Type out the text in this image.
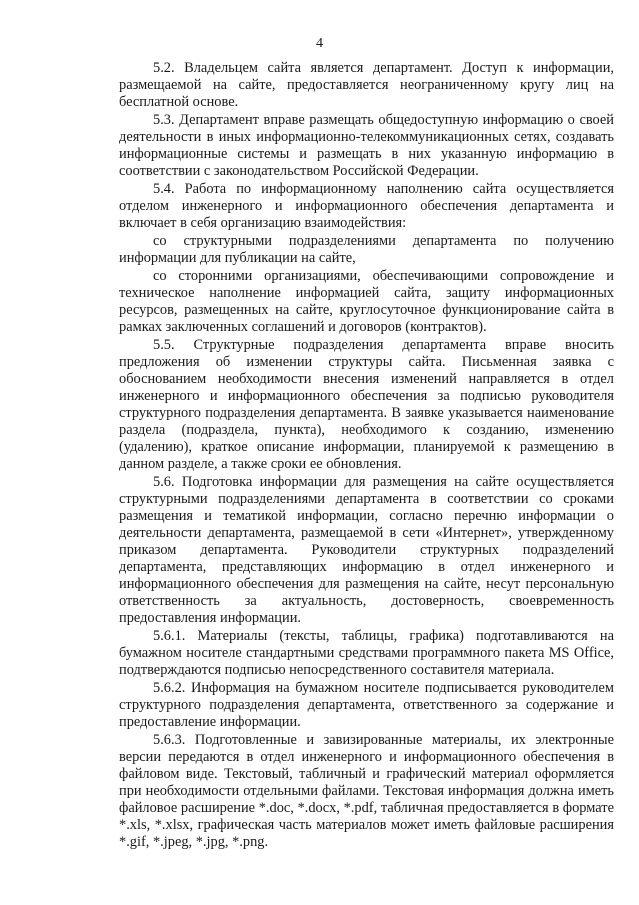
4

5.2. Владельцем сайта является департамент. Доступ к информации, размещаемой на сайте, предоставляется неограниченному кругу лиц на бесплатной основе.

5.3. Департамент вправе размещать общедоступную информацию о своей деятельности в иных информационно-телекоммуникационных сетях, создавать информационные системы и размещать в них указанную информацию в соответствии с законодательством Российской Федерации.

5.4. Работа по информационному наполнению сайта осуществляется отделом инженерного и информационного обеспечения департамента и включает в себя организацию взаимодействия:

со структурными подразделениями департамента по получению информации для публикации на сайте,

со сторонними организациями, обеспечивающими сопровождение и техническое наполнение информацией сайта, защиту информационных ресурсов, размещенных на сайте, круглосуточное функционирование сайта в рамках заключенных соглашений и договоров (контрактов).

5.5. Структурные подразделения департамента вправе вносить предложения об изменении структуры сайта. Письменная заявка с обоснованием необходимости внесения изменений направляется в отдел инженерного и информационного обеспечения за подписью руководителя структурного подразделения департамента. В заявке указывается наименование раздела (подраздела, пункта), необходимого к созданию, изменению (удалению), краткое описание информации, планируемой к размещению в данном разделе, а также сроки ее обновления.

5.6. Подготовка информации для размещения на сайте осуществляется структурными подразделениями департамента в соответствии со сроками размещения и тематикой информации, согласно перечню информации о деятельности департамента, размещаемой в сети «Интернет», утвержденному приказом департамента. Руководители структурных подразделений департамента, представляющих информацию в отдел инженерного и информационного обеспечения для размещения на сайте, несут персональную ответственность за актуальность, достоверность, своевременность предоставления информации.

5.6.1. Материалы (тексты, таблицы, графика) подготавливаются на бумажном носителе стандартными средствами программного пакета MS Office, подтверждаются подписью непосредственного составителя материала.

5.6.2. Информация на бумажном носителе подписывается руководителем структурного подразделения департамента, ответственного за содержание и предоставление информации.

5.6.3. Подготовленные и завизированные материалы, их электронные версии передаются в отдел инженерного и информационного обеспечения в файловом виде. Текстовый, табличный и графический материал оформляется при необходимости отдельными файлами. Текстовая информация должна иметь файловое расширение *.doc, *.docx, *.pdf, табличная предоставляется в формате *.xls, *.xlsx, графическая часть материалов может иметь файловые расширения *.gif, *.jpeg, *.jpg, *.png.
